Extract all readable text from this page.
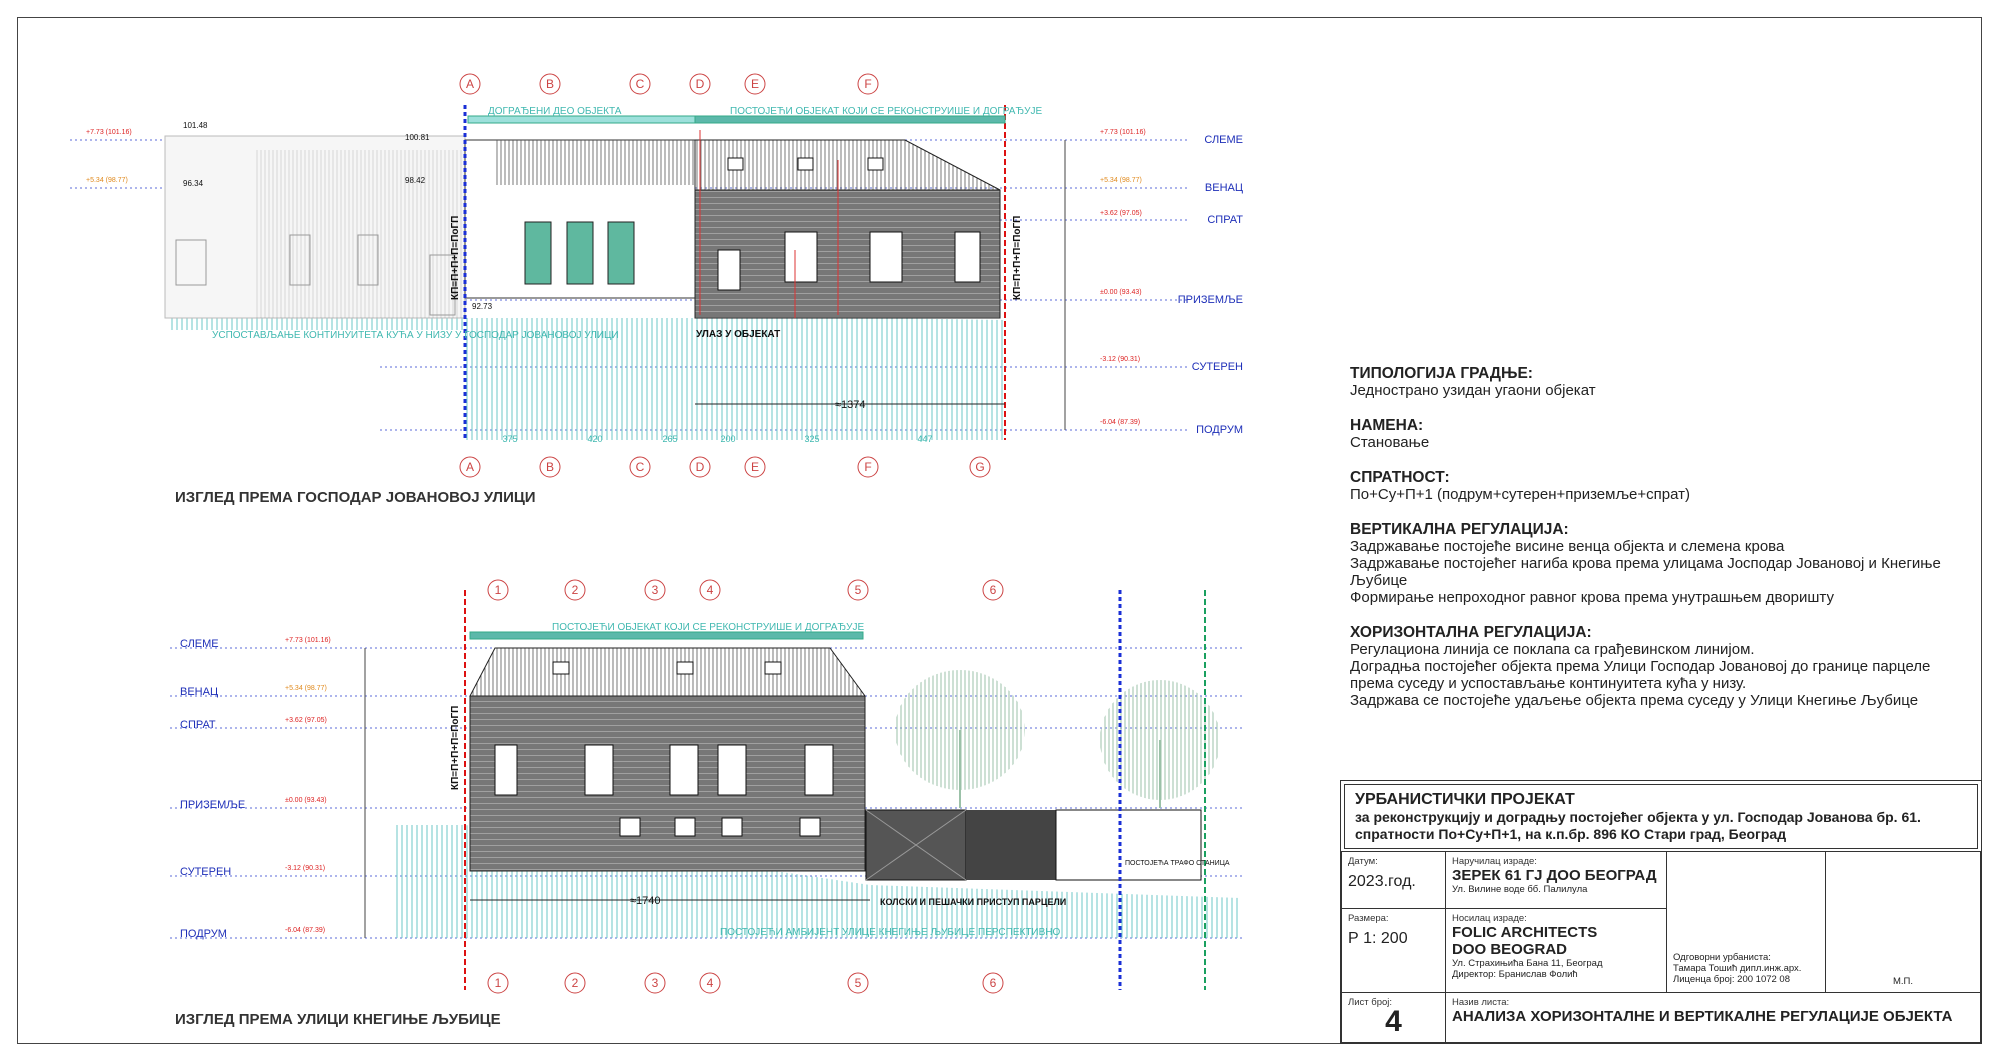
A	B	C	D	E	F
A	B	C	D	E	F	G
ДОГРАЂЕНИ ДЕО ОБЈЕКТА	ПОСТОЈЕЋИ ОБЈЕКАТ КОЈИ СЕ РЕКОНСТРУИШЕ И ДОГРАЂУЈЕ
УСПОСТАВЉАЊЕ КОНТИНУИТЕТА КУЋА У НИЗУ У ГОСПОДАР ЈОВАНОВОЈ УЛИЦИ
375	420	265	200	325	447
УЛАЗ У ОБЈЕКАТ
≈1374
КП=П+П+П=ПоГП	КП=П+П+П=ПоГП
101.48
100.81
98.42
96.34
92.73
+7.73 (101.16)
+5.34 (98.77)
+7.73 (101.16)
+3.62 (97.05)
±0.00 (93.43)
-3.12 (90.31)
-6.04 (87.39)
+5.34 (98.77)
СЛЕМЕ
ВЕНАЦ
СПРАТ
ПРИЗЕМЉЕ
СУТЕРЕН
ПОДРУМ
1	2	3	4	5	6
1	2	3	4	5	6
ПОСТОЈЕЋИ ОБЈЕКАТ КОЈИ СЕ РЕКОНСТРУИШЕ И ДОГРАЂУЈЕ
ПОСТОЈЕЋИ АМБИЈЕНТ УЛИЦЕ КНЕГИЊЕ ЉУБИЦЕ ПЕРСПЕКТИВНО
КОЛСКИ И ПЕШАЧКИ ПРИСТУП ПАРЦЕЛИ
ПОСТОЈЕЋА ТРАФО СТАНИЦА
≈1740
КП=П+П+П=ПоГП
+7.73 (101.16)
+3.62 (97.05)
±0.00 (93.43)
-3.12 (90.31)
-6.04 (87.39)
+5.34 (98.77)
СЛЕМЕ
ВЕНАЦ
СПРАТ
ПРИЗЕМЉЕ
СУТЕРЕН
ПОДРУМ
ИЗГЛЕД ПРЕМА ГОСПОДАР ЈОВАНОВОЈ УЛИЦИ
ИЗГЛЕД ПРЕМА УЛИЦИ КНЕГИЊЕ ЉУБИЦЕ
ТИПОЛОГИЈА ГРАДЊЕ:
Једнострано узидан угаони објекат
НАМЕНА:
Становање
СПРАТНОСТ:
По+Су+П+1 (подрум+сутерен+приземље+спрат)
ВЕРТИКАЛНА РЕГУЛАЦИЈА:
Задржавање постојеће висине венца објекта и слемена крова
Задржавање постојећег нагиба крова према улицама Јосподар Јовановој и Кнегиње Љубице
Формирање непроходног равног крова према унутрашњем дворишту
ХОРИЗОНТАЛНА РЕГУЛАЦИЈА:
Регулациона линија се поклапа са грађевинском линијом.
Доградња постојећег објекта према Улици Господар Јовановој до границе парцеле према суседу и успостављање континуитета кућа у низу.
Задржава се постојеће удаљење објекта према суседу у Улици Кнегиње Љубице
УРБАНИСТИЧКИ ПРОЈЕКАТ
за реконструкцију и доградњу постојећег објекта у ул. Господар Јованова бр. 61.
спратности По+Су+П+1, на к.п.бр. 896 КО Стари град, Београд
Датум:
2023.год.
Наручилац израде:
ЗЕРЕК 61 ГЈ ДОО БЕОГРАД
Ул. Вилине воде бб. Палилула
Размера:
Р 1: 200
Носилац израде:
FOLIC ARCHITECTS
DOO BEOGRAD
Ул. Страхињића Бана 11, Београд
Директор: Бранислав Фолић
Одговорни урбаниста:
Тамара Тошић дипл.инж.арх.
Лиценца број: 200 1072 08	М.П.
Лист број:
4
Назив листа:
АНАЛИЗА ХОРИЗОНТАЛНЕ И ВЕРТИКАЛНЕ РЕГУЛАЦИЈЕ ОБЈЕКТА
